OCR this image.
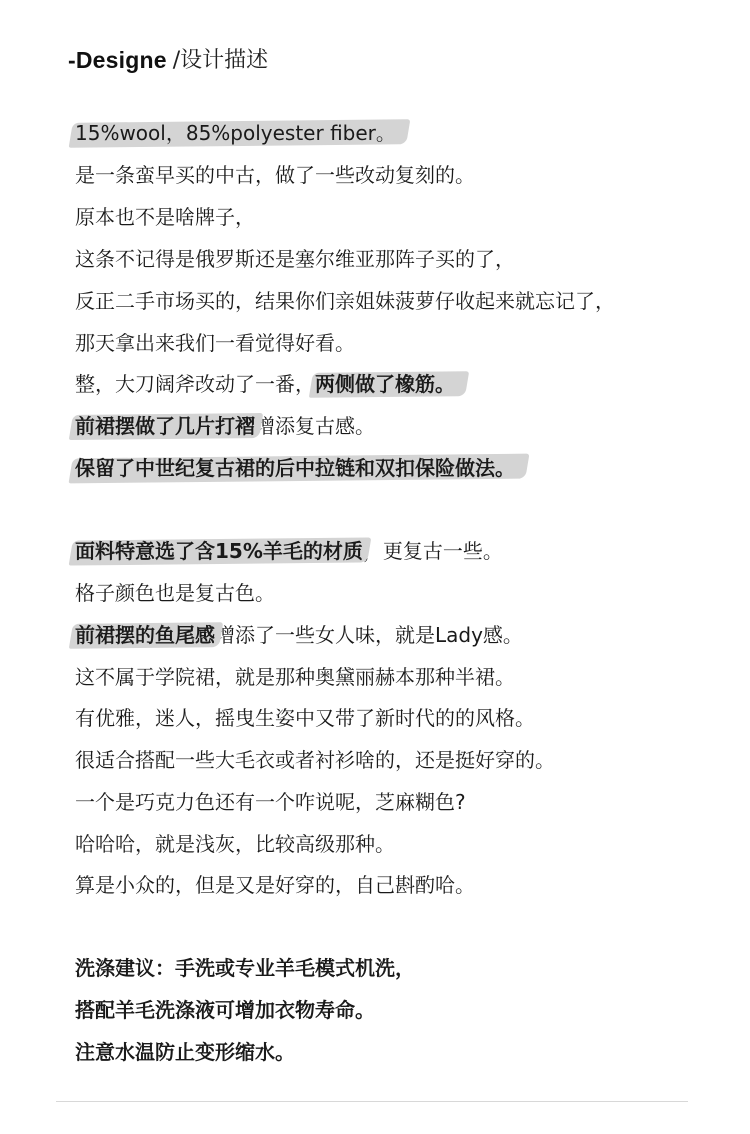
-Designe /设计描述
15%wool，85%polyester fiber。
是一条蛮早买的中古，做了一些改动复刻的。
原本也不是啥牌子，
这条不记得是俄罗斯还是塞尔维亚那阵子买的了，
反正二手市场买的，结果你们亲姐妹菠萝仔收起来就忘记了，
那天拿出来我们一看觉得好看。
整，大刀阔斧改动了一番，两侧做了橡筋。
前裙摆做了几片打褶增添复古感。
保留了中世纪复古裙的后中拉链和双扣保险做法。
面料特意选了含15%羊毛的材质，更复古一些。
格子颜色也是复古色。
前裙摆的鱼尾感增添了一些女人味，就是Lady感。
这不属于学院裙，就是那种奥黛丽赫本那种半裙。
有优雅，迷人，摇曳生姿中又带了新时代的的风格。
很适合搭配一些大毛衣或者衬衫啥的，还是挺好穿的。
一个是巧克力色还有一个咋说呢，芝麻糊色?
哈哈哈，就是浅灰，比较高级那种。
算是小众的，但是又是好穿的，自己斟酌哈。
洗涤建议：手洗或专业羊毛模式机洗，
搭配羊毛洗涤液可增加衣物寿命。
注意水温防止变形缩水。
